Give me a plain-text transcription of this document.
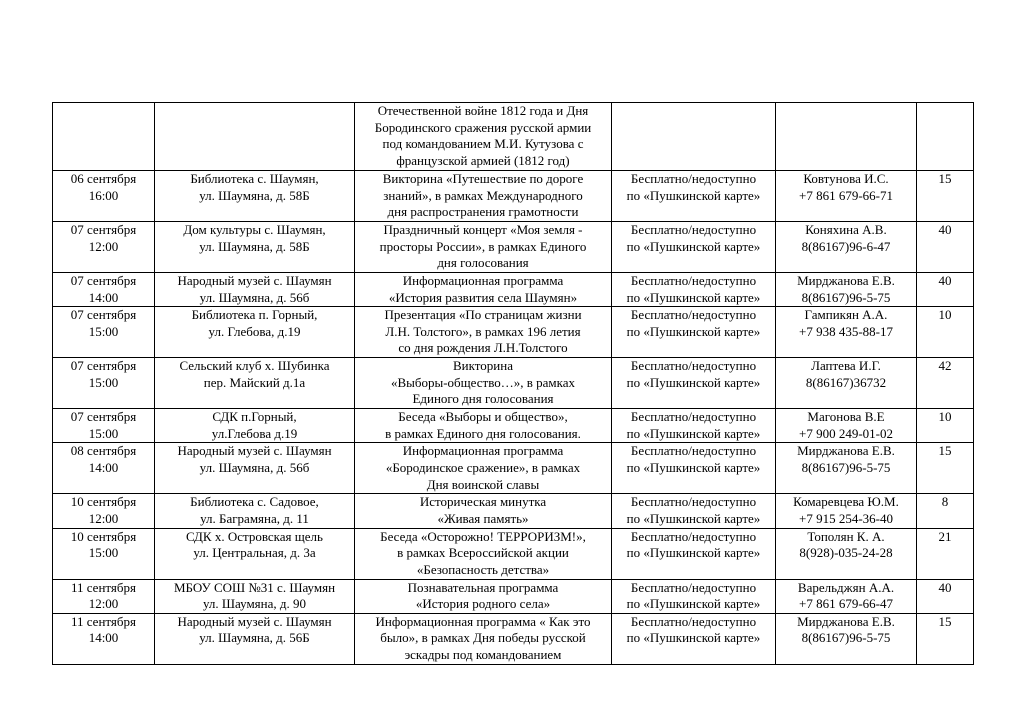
		Отечественной войне 1812 года и Дня
Бородинского сражения русской армии
под командованием М.И. Кутузова с
французской армией (1812 год)			

06 сентября
16:00	Библиотека с. Шаумян,
ул. Шаумяна, д. 58Б	Викторина «Путешествие по дороге
знаний», в рамках Международного
дня распространения грамотности	Бесплатно/недоступно
по «Пушкинской карте»	Ковтунова И.С.
+7 861 679-66-71	15

07 сентября
12:00	Дом культуры с. Шаумян,
ул. Шаумяна, д. 58Б	Праздничный концерт «Моя земля -
просторы России», в рамках Единого
дня голосования	Бесплатно/недоступно
по «Пушкинской карте»	Коняхина А.В.
8(86167)96-6-47	40

07 сентября
14:00	Народный музей с. Шаумян
ул. Шаумяна, д. 56б	Информационная программа
«История развития села Шаумян»	Бесплатно/недоступно
по «Пушкинской карте»	Мирджанова Е.В.
8(86167)96-5-75	40

07 сентября
15:00	Библиотека п. Горный,
ул. Глебова, д.19	Презентация «По страницам жизни
Л.Н. Толстого», в рамках 196 летия
со дня рождения Л.Н.Толстого	Бесплатно/недоступно
по «Пушкинской карте»	Гампикян А.А.
+7 938 435-88-17	10

07 сентября
15:00	Сельский клуб х. Шубинка
пер. Майский д.1а	Викторина
«Выборы-общество…», в рамках
Единого дня голосования	Бесплатно/недоступно
по «Пушкинской карте»	Лаптева И.Г.
8(86167)36732	42

07 сентября
15:00	СДК п.Горный,
ул.Глебова д.19	Беседа «Выборы и общество»,
в рамках Единого дня голосования.	Бесплатно/недоступно
по «Пушкинской карте»	Магонова В.Е
+7 900 249-01-02	10

08 сентября
14:00	Народный музей с. Шаумян
ул. Шаумяна, д. 56б	Информационная программа
«Бородинское сражение», в рамках
Дня воинской славы	Бесплатно/недоступно
по «Пушкинской карте»	Мирджанова Е.В.
8(86167)96-5-75	15

10 сентября
12:00	Библиотека с. Садовое,
ул. Баграмяна, д. 11	Историческая минутка
«Живая память»	Бесплатно/недоступно
по «Пушкинской карте»	Комаревцева Ю.М.
+7 915 254-36-40	8

10 сентября
15:00	СДК х. Островская щель
ул. Центральная, д. 3а	Беседа «Осторожно! ТЕРРОРИЗМ!»,
в рамках Всероссийской акции
«Безопасность детства»	Бесплатно/недоступно
по «Пушкинской карте»	Тополян К. А.
8(928)-035-24-28	21

11 сентября
12:00	МБОУ СОШ №31 с. Шаумян
ул. Шаумяна, д. 90	Познавательная программа
«История родного села»	Бесплатно/недоступно
по «Пушкинской карте»	Варельджян А.А.
+7 861 679-66-47	40

11 сентября
14:00	Народный музей с. Шаумян
ул. Шаумяна, д. 56Б	Информационная программа « Как это
было», в рамках Дня победы русской
эскадры под командованием	Бесплатно/недоступно
по «Пушкинской карте»	Мирджанова Е.В.
8(86167)96-5-75	15
